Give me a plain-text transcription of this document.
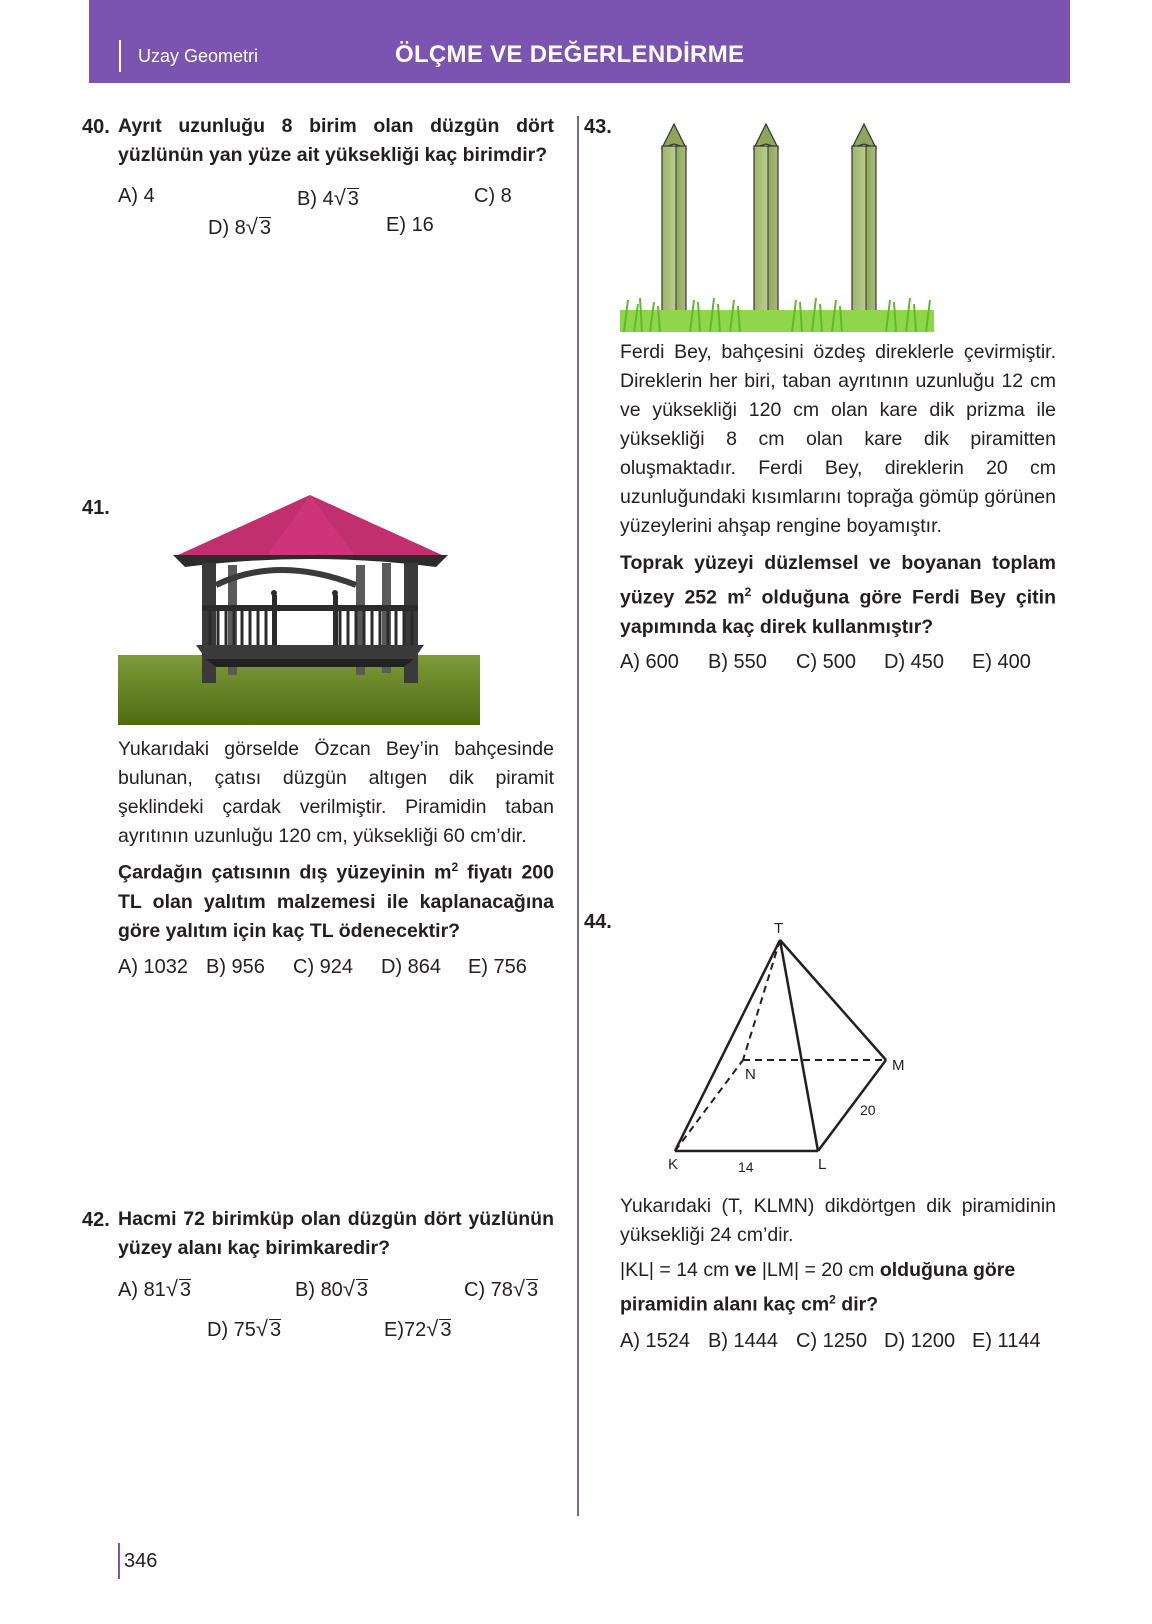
Uzay Geometri	ÖLÇME VE DEĞERLENDİRME
40. Ayrıt uzunluğu 8 birim olan düzgün dört yüzlünün yan yüze ait yüksekliği kaç birimdir?
A) 4	B) 4√ 3	C) 8
D) 8√ 3	E) 16
41.
Yukarıdaki görselde Özcan Bey’in bahçesinde bulunan, çatısı düzgün altıgen dik piramit şeklindeki çardak verilmiştir. Piramidin taban ayrıtının uzunluğu 120 cm, yüksekliği 60 cm’dir.
Çardağın çatısının dış yüzeyinin $m^2$ fiyatı 200 TL olan yalıtım malzemesi ile kaplanacağına göre yalıtım için kaç TL ödenecektir?
A) 1032 B) 956 C) 924 D) 864 E) 756
42. Hacmi 72 birimküp olan düzgün dört yüzlünün yüzey alanı kaç birimkaredir?
A) 81√ 3	B) 80√ 3	C) 78√ 3
D) 75√ 3	E)72√ 3
43.
Ferdi Bey, bahçesini özdeş direklerle çevirmiştir. Direklerin her biri, taban ayrıtının uzunluğu 12 cm ve yüksekliği 120 cm olan kare dik prizma ile yüksekliği 8 cm olan kare dik piramitten oluşmaktadır. Ferdi Bey, direklerin 20 cm uzunluğundaki kısımlarını toprağa gömüp görünen yüzeylerini ahşap rengine boyamıştır.
Toprak yüzeyi düzlemsel ve boyanan toplam yüzey 252 $m^2$ olduğuna göre Ferdi Bey çitin yapımında kaç direk kullanmıştır?
A) 600 B) 550 C) 500 D) 450 E) 400
44.	T
N
M
K	L
14
20
Yukarıdaki (T, KLMN) dikdörtgen dik piramidinin yüksekliği 24 cm’dir.
|KL| = 14 cm ve |LM| = 20 cm olduğuna göre piramidin alanı kaç $cm^2$ dir?
A) 1524 B) 1444 C) 1250 D) 1200 E) 1144
346
